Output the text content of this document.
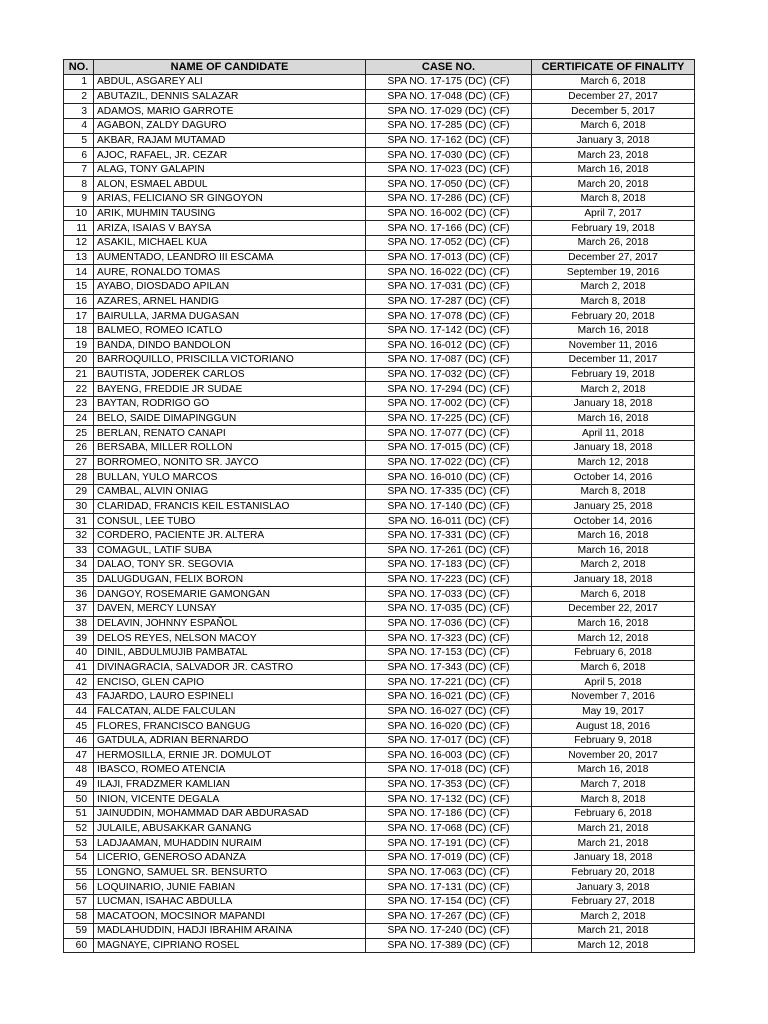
NO.	NAME OF CANDIDATE	CASE NO.	CERTIFICATE OF FINALITY
1	ABDUL, ASGAREY ALI	SPA NO. 17-175 (DC) (CF)	March 6, 2018
2	ABUTAZIL, DENNIS SALAZAR	SPA NO. 17-048 (DC) (CF)	December 27, 2017
3	ADAMOS, MARIO GARROTE	SPA NO. 17-029 (DC) (CF)	December 5, 2017
4	AGABON, ZALDY DAGURO	SPA NO. 17-285 (DC) (CF)	March 6, 2018
5	AKBAR, RAJAM MUTAMAD	SPA NO. 17-162 (DC) (CF)	January 3, 2018
6	AJOC, RAFAEL, JR. CEZAR	SPA NO. 17-030 (DC) (CF)	March 23, 2018
7	ALAG, TONY GALAPIN	SPA NO. 17-023 (DC) (CF)	March 16, 2018
8	ALON, ESMAEL ABDUL	SPA NO. 17-050 (DC) (CF)	March 20, 2018
9	ARIAS, FELICIANO SR GINGOYON	SPA NO. 17-286 (DC) (CF)	March 8, 2018
10	ARIK, MUHMIN TAUSING	SPA NO. 16-002 (DC) (CF)	April 7, 2017
11	ARIZA, ISAIAS V BAYSA	SPA NO. 17-166 (DC) (CF)	February 19, 2018
12	ASAKIL, MICHAEL KUA	SPA NO. 17-052 (DC) (CF)	March 26, 2018
13	AUMENTADO, LEANDRO III ESCAMA	SPA NO. 17-013 (DC) (CF)	December 27, 2017
14	AURE, RONALDO TOMAS	SPA NO. 16-022 (DC) (CF)	September 19, 2016
15	AYABO, DIOSDADO APILAN	SPA NO. 17-031 (DC) (CF)	March 2, 2018
16	AZARES, ARNEL HANDIG	SPA NO. 17-287 (DC) (CF)	March 8, 2018
17	BAIRULLA, JARMA DUGASAN	SPA NO. 17-078 (DC) (CF)	February 20, 2018
18	BALMEO, ROMEO ICATLO	SPA NO. 17-142 (DC) (CF)	March 16, 2018
19	BANDA, DINDO BANDOLON	SPA NO. 16-012 (DC) (CF)	November 11, 2016
20	BARROQUILLO, PRISCILLA VICTORIANO	SPA NO. 17-087 (DC) (CF)	December 11, 2017
21	BAUTISTA, JODEREK CARLOS	SPA NO. 17-032 (DC) (CF)	February 19, 2018
22	BAYENG, FREDDIE JR SUDAE	SPA NO. 17-294 (DC) (CF)	March 2, 2018
23	BAYTAN, RODRIGO GO	SPA NO. 17-002 (DC) (CF)	January 18, 2018
24	BELO, SAIDE DIMAPINGGUN	SPA NO. 17-225 (DC) (CF)	March 16, 2018
25	BERLAN, RENATO CANAPI	SPA NO. 17-077 (DC) (CF)	April 11, 2018
26	BERSABA, MILLER ROLLON	SPA NO. 17-015 (DC) (CF)	January 18, 2018
27	BORROMEO, NONITO SR. JAYCO	SPA NO. 17-022 (DC) (CF)	March 12, 2018
28	BULLAN, YULO MARCOS	SPA NO. 16-010 (DC) (CF)	October 14, 2016
29	CAMBAL, ALVIN ONIAG	SPA NO. 17-335 (DC) (CF)	March 8, 2018
30	CLARIDAD, FRANCIS KEIL ESTANISLAO	SPA NO. 17-140 (DC) (CF)	January 25, 2018
31	CONSUL, LEE TUBO	SPA NO. 16-011 (DC) (CF)	October 14, 2016
32	CORDERO, PACIENTE JR. ALTERA	SPA NO. 17-331 (DC) (CF)	March 16, 2018
33	COMAGUL, LATIF SUBA	SPA NO. 17-261 (DC) (CF)	March 16, 2018
34	DALAO, TONY SR. SEGOVIA	SPA NO. 17-183 (DC) (CF)	March 2, 2018
35	DALUGDUGAN, FELIX BORON	SPA NO. 17-223 (DC) (CF)	January 18, 2018
36	DANGOY, ROSEMARIE GAMONGAN	SPA NO. 17-033 (DC) (CF)	March 6, 2018
37	DAVEN, MERCY LUNSAY	SPA NO. 17-035 (DC) (CF)	December 22, 2017
38	DELAVIN, JOHNNY ESPAÑOL	SPA NO. 17-036 (DC) (CF)	March 16, 2018
39	DELOS REYES, NELSON MACOY	SPA NO. 17-323 (DC) (CF)	March 12, 2018
40	DINIL, ABDULMUJIB PAMBATAL	SPA NO. 17-153 (DC) (CF)	February 6, 2018
41	DIVINAGRACIA, SALVADOR JR. CASTRO	SPA NO. 17-343 (DC) (CF)	March 6, 2018
42	ENCISO, GLEN CAPIO	SPA NO. 17-221 (DC) (CF)	April 5, 2018
43	FAJARDO, LAURO ESPINELI	SPA NO. 16-021 (DC) (CF)	November 7, 2016
44	FALCATAN, ALDE FALCULAN	SPA NO. 16-027 (DC) (CF)	May 19, 2017
45	FLORES, FRANCISCO BANGUG	SPA NO. 16-020 (DC) (CF)	August 18, 2016
46	GATDULA, ADRIAN BERNARDO	SPA NO. 17-017 (DC) (CF)	February 9, 2018
47	HERMOSILLA, ERNIE JR. DOMULOT	SPA NO. 16-003 (DC) (CF)	November 20, 2017
48	IBASCO, ROMEO ATENCIA	SPA NO. 17-018 (DC) (CF)	March 16, 2018
49	ILAJI, FRADZMER KAMLIAN	SPA NO. 17-353 (DC) (CF)	March 7, 2018
50	INION, VICENTE DEGALA	SPA NO. 17-132 (DC) (CF)	March 8, 2018
51	JAINUDDIN, MOHAMMAD DAR ABDURASAD	SPA NO. 17-186 (DC) (CF)	February 6, 2018
52	JULAILE, ABUSAKKAR GANANG	SPA NO. 17-068 (DC) (CF)	March 21, 2018
53	LADJAAMAN, MUHADDIN NURAIM	SPA NO. 17-191 (DC) (CF)	March 21, 2018
54	LICERIO, GENEROSO ADANZA	SPA NO. 17-019 (DC) (CF)	January 18, 2018
55	LONGNO, SAMUEL SR. BENSURTO	SPA NO. 17-063 (DC) (CF)	February 20, 2018
56	LOQUINARIO, JUNIE FABIAN	SPA NO. 17-131 (DC) (CF)	January 3, 2018
57	LUCMAN, ISAHAC ABDULLA	SPA NO. 17-154 (DC) (CF)	February 27, 2018
58	MACATOON, MOCSINOR MAPANDI	SPA NO. 17-267 (DC) (CF)	March 2, 2018
59	MADLAHUDDIN, HADJI IBRAHIM ARAINA	SPA NO. 17-240 (DC) (CF)	March 21, 2018
60	MAGNAYE, CIPRIANO ROSEL	SPA NO. 17-389 (DC) (CF)	March 12, 2018
